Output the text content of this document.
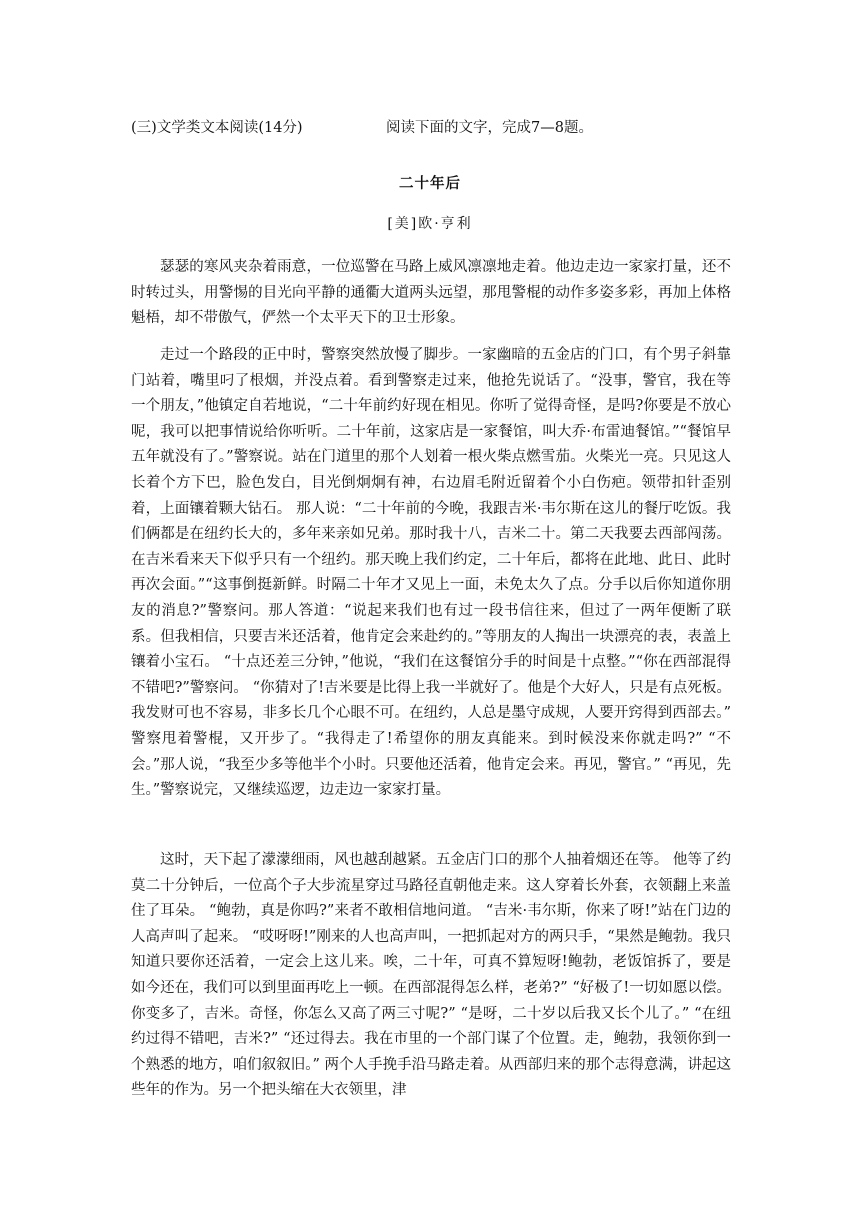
(三)文学类文本阅读(14分)	阅读下面的文字，完成7—8题。
二十年后
[美]欧·亨利

瑟瑟的寒风夹杂着雨意，一位巡警在马路上威风凛凛地走着。他边走边一家家打量，还不时转过头，用警惕的目光向平静的通衢大道两头远望，那甩警棍的动作多姿多彩，再加上体格魁梧，却不带傲气，俨然一个太平天下的卫士形象。

走过一个路段的正中时，警察突然放慢了脚步。一家幽暗的五金店的门口，有个男子斜靠门站着，嘴里叼了根烟，并没点着。看到警察走过来，他抢先说话了。“没事，警官，我在等一个朋友，”他镇定自若地说，“二十年前约好现在相见。你听了觉得奇怪，是吗?你要是不放心呢，我可以把事情说给你听听。二十年前，这家店是一家餐馆，叫大乔·布雷迪餐馆。”“餐馆早五年就没有了。”警察说。站在门道里的那个人划着一根火柴点燃雪茄。火柴光一亮。只见这人长着个方下巴，脸色发白，目光倒炯炯有神，右边眉毛附近留着个小白伤疤。领带扣针歪别着，上面镶着颗大钻石。 那人说：“二十年前的今晚，我跟吉米·韦尔斯在这儿的餐厅吃饭。我们俩都是在纽约长大的，多年来亲如兄弟。那时我十八，吉米二十。第二天我要去西部闯荡。在吉米看来天下似乎只有一个纽约。那天晚上我们约定，二十年后，都将在此地、此日、此时再次会面。”“这事倒挺新鲜。时隔二十年才又见上一面，未免太久了点。分手以后你知道你朋友的消息?”警察问。那人答道：“说起来我们也有过一段书信往来，但过了一两年便断了联系。但我相信，只要吉米还活着，他肯定会来赴约的。”等朋友的人掏出一块漂亮的表，表盖上镶着小宝石。 “十点还差三分钟，”他说，“我们在这餐馆分手的时间是十点整。”“你在西部混得不错吧?”警察问。 “你猜对了!吉米要是比得上我一半就好了。他是个大好人，只是有点死板。我发财可也不容易，非多长几个心眼不可。在纽约，人总是墨守成规，人要开窍得到西部去。” 警察甩着警棍，又开步了。“我得走了!希望你的朋友真能来。到时候没来你就走吗?” “不会。”那人说，“我至少多等他半个小时。只要他还活着，他肯定会来。再见，警官。” “再见，先生。”警察说完，又继续巡逻，边走边一家家打量。

这时，天下起了濛濛细雨，风也越刮越紧。五金店门口的那个人抽着烟还在等。 他等了约莫二十分钟后，一位高个子大步流星穿过马路径直朝他走来。这人穿着长外套，衣领翻上来盖住了耳朵。 “鲍勃，真是你吗?”来者不敢相信地问道。 “吉米·韦尔斯，你来了呀!”站在门边的人高声叫了起来。 “哎呀呀!”刚来的人也高声叫，一把抓起对方的两只手，“果然是鲍勃。我只知道只要你还活着，一定会上这儿来。唉，二十年，可真不算短呀!鲍勃，老饭馆拆了，要是如今还在，我们可以到里面再吃上一顿。在西部混得怎么样，老弟?” “好极了!一切如愿以偿。你变多了，吉米。奇怪，你怎么又高了两三寸呢?” “是呀，二十岁以后我又长个儿了。” “在纽约过得不错吧，吉米?” “还过得去。我在市里的一个部门谋了个位置。走，鲍勃，我领你到一个熟悉的地方，咱们叙叙旧。” 两个人手挽手沿马路走着。从西部归来的那个志得意满，讲起这些年的作为。另一个把头缩在大衣领里，津
